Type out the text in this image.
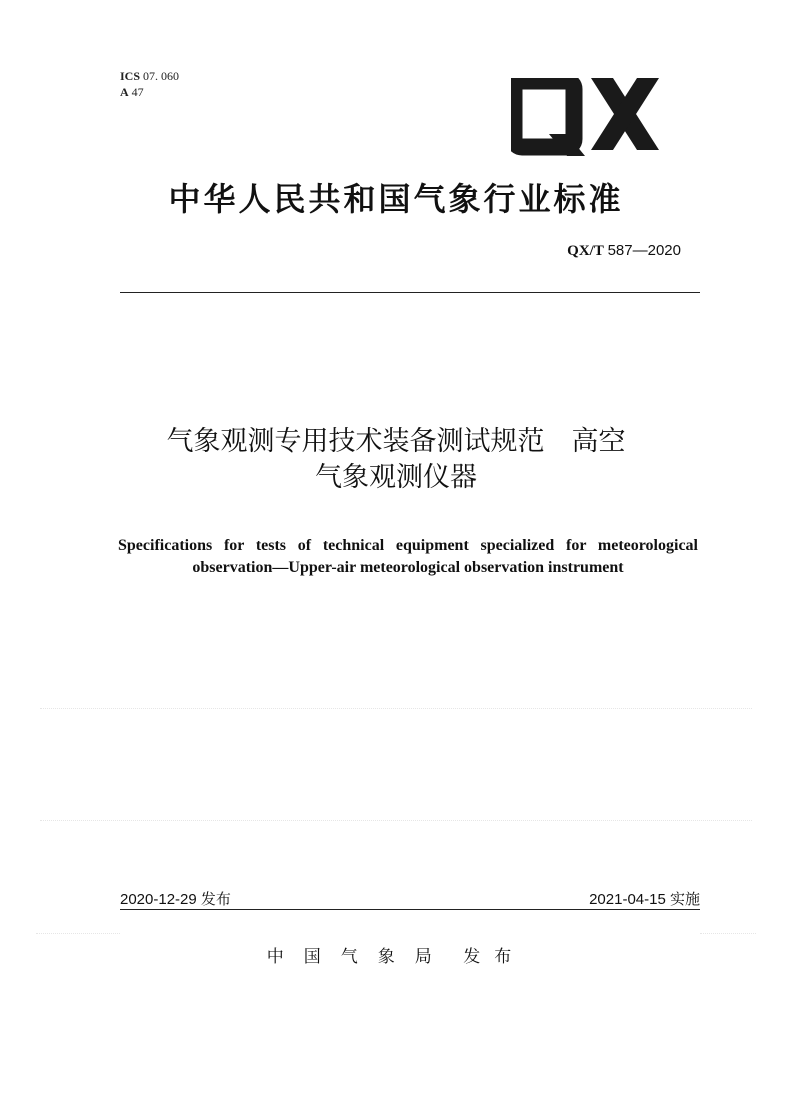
ICS 07. 060
A 47
QX
中华人民共和国气象行业标准
QX/T 587—2020
气象观测专用技术装备测试规范　高空
气象观测仪器
Specifications for tests of technical equipment specialized for meteorological
observation—Upper-air meteorological observation instrument
2020-12-29 发布	2021-04-15 实施
中国气象局 发布
